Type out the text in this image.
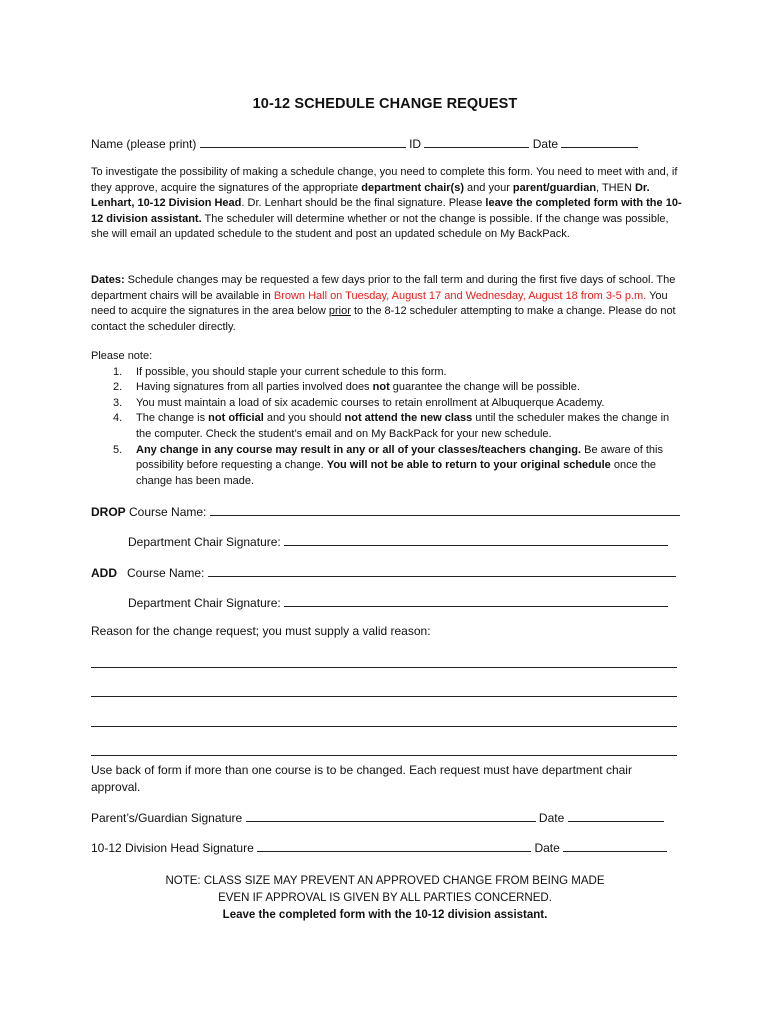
10-12 SCHEDULE CHANGE REQUEST
Name (please print)	ID	Date
To investigate the possibility of making a schedule change, you need to complete this form. You need to meet with and, if they approve, acquire the signatures of the appropriate department chair(s) and your parent/guardian, THEN Dr. Lenhart, 10-12 Division Head. Dr. Lenhart should be the final signature. Please leave the completed form with the 10-12 division assistant. The scheduler will determine whether or not the change is possible. If the change was possible, she will email an updated schedule to the student and post an updated schedule on My BackPack.
Dates: Schedule changes may be requested a few days prior to the fall term and during the first five days of school. The department chairs will be available in Brown Hall on Tuesday, August 17 and Wednesday, August 18 from 3-5 p.m. You need to acquire the signatures in the area below prior to the 8-12 scheduler attempting to make a change. Please do not contact the scheduler directly.
Please note:
1. If possible, you should staple your current schedule to this form.
2. Having signatures from all parties involved does not guarantee the change will be possible.
3. You must maintain a load of six academic courses to retain enrollment at Albuquerque Academy.
4. The change is not official and you should not attend the new class until the scheduler makes the change in the computer. Check the student’s email and on My BackPack for your new schedule.
5. Any change in any course may result in any or all of your classes/teachers changing. Be aware of this possibility before requesting a change. You will not be able to return to your original schedule once the change has been made.
DROP Course Name:
Department Chair Signature:
ADD   Course Name:
Department Chair Signature:
Reason for the change request; you must supply a valid reason:
Use back of form if more than one course is to be changed. Each request must have department chair approval.
Parent’s/Guardian Signature	Date
10-12 Division Head Signature	Date
NOTE: CLASS SIZE MAY PREVENT AN APPROVED CHANGE FROM BEING MADE
EVEN IF APPROVAL IS GIVEN BY ALL PARTIES CONCERNED.
Leave the completed form with the 10-12 division assistant.
